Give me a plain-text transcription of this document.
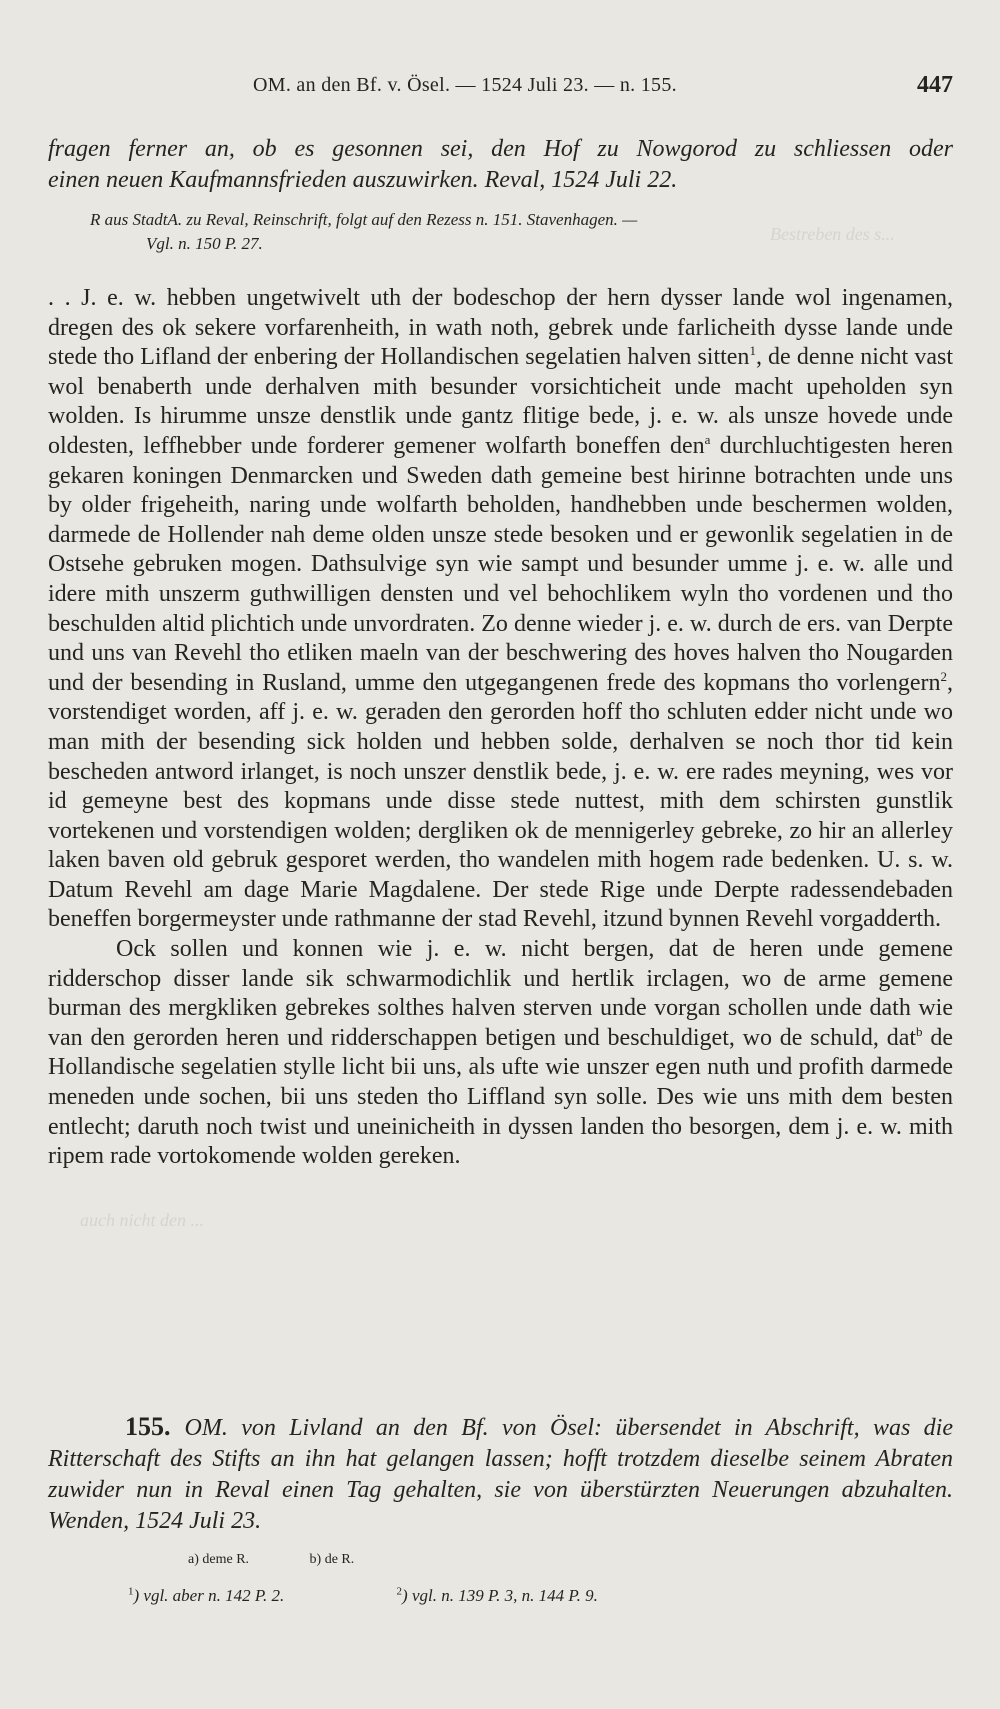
Bestreben des s...
auch nicht den ...
OM. an den Bf. v. Ösel. — 1524 Juli 23. — n. 155.	447
fragen ferner an, ob es gesonnen sei, den Hof zu Nowgorod zu schliessen oder
einen neuen Kaufmannsfrieden auszuwirken. Reval, 1524 Juli 22.
R aus StadtA. zu Reval, Reinschrift, folgt auf den Rezess n. 151. Stavenhagen. —
Vgl. n. 150 P. 27.

. . J. e. w. hebben ungetwivelt uth der bodeschop der hern dysser lande wol ingenamen, dregen des ok sekere vorfarenheith, in wath noth, gebrek unde farlicheith dysse lande unde stede tho Lifland der enbering der Hollandischen segelatien halven sitten$^1$, de denne nicht vast wol benaberth unde derhalven mith besunder vorsichticheit unde macht upeholden syn wolden. Is hirumme unsze denstlik unde gantz flitige bede, j. e. w. als unsze hovede unde oldesten, leffhebber unde forderer gemener wolfarth boneffen den$^a$ durchluchtigesten heren gekaren koningen Denmarcken und Sweden dath gemeine best hirinne botrachten unde uns by older frigeheith, naring unde wolfarth beholden, handhebben unde beschermen wolden, darmede de Hollender nah deme olden unsze stede besoken und er gewonlik segelatien in de Ostsehe gebruken mogen. Dathsulvige syn wie sampt und besunder umme j. e. w. alle und idere mith unszerm guthwilligen densten und vel behochlikem wyln tho vordenen und tho beschulden altid plichtich unde unvordraten. Zo denne wieder j. e. w. durch de ers. van Derpte und uns van Revehl tho etliken maeln van der beschwering des hoves halven tho Nougarden und der besending in Rusland, umme den utgegangenen frede des kopmans tho vorlengern$^2$, vorstendiget worden, aff j. e. w. geraden den gerorden hoff tho schluten edder nicht unde wo man mith der besending sick holden und hebben solde, derhalven se noch thor tid kein bescheden antword irlanget, is noch unszer denstlik bede, j. e. w. ere rades meyning, wes vor id gemeyne best des kopmans unde disse stede nuttest, mith dem schirsten gunstlik vortekenen und vorstendigen wolden; dergliken ok de mennigerley gebreke, zo hir an allerley laken baven old gebruk gesporet werden, tho wandelen mith hogem rade bedenken. U. s. w. Datum Revehl am dage Marie Magdalene. Der stede Rige unde Derpte radessendebaden beneffen borgermeyster unde rathmanne der stad Revehl, itzund bynnen Revehl vorgadderth.

Ock sollen und konnen wie j. e. w. nicht bergen, dat de heren unde gemene ridderschop disser lande sik schwarmodichlik und hertlik irclagen, wo de arme gemene burman des mergkliken gebrekes solthes halven sterven unde vorgan schollen unde dath wie van den gerorden heren und ridderschappen betigen und beschuldiget, wo de schuld, dat$^b$ de Hollandische segelatien stylle licht bii uns, als ufte wie unszer egen nuth und profith darmede meneden unde sochen, bii uns steden tho Liffland syn solle. Des wie uns mith dem besten entlecht; daruth noch twist und uneinicheith in dyssen landen tho besorgen, dem j. e. w. mith ripem rade vortokomende wolden gereken.

155. OM. von Livland an den Bf. von Ösel: übersendet in Abschrift, was die Ritterschaft des Stifts an ihn hat gelangen lassen; hofft trotzdem dieselbe seinem Abraten zuwider nun in Reval einen Tag gehalten, sie von überstürzten Neuerungen abzuhalten. Wenden, 1524 Juli 23.
a) deme R.	b) de R.
$^1$) vgl. aber n. 142 P. 2.	$^2$) vgl. n. 139 P. 3, n. 144 P. 9.
